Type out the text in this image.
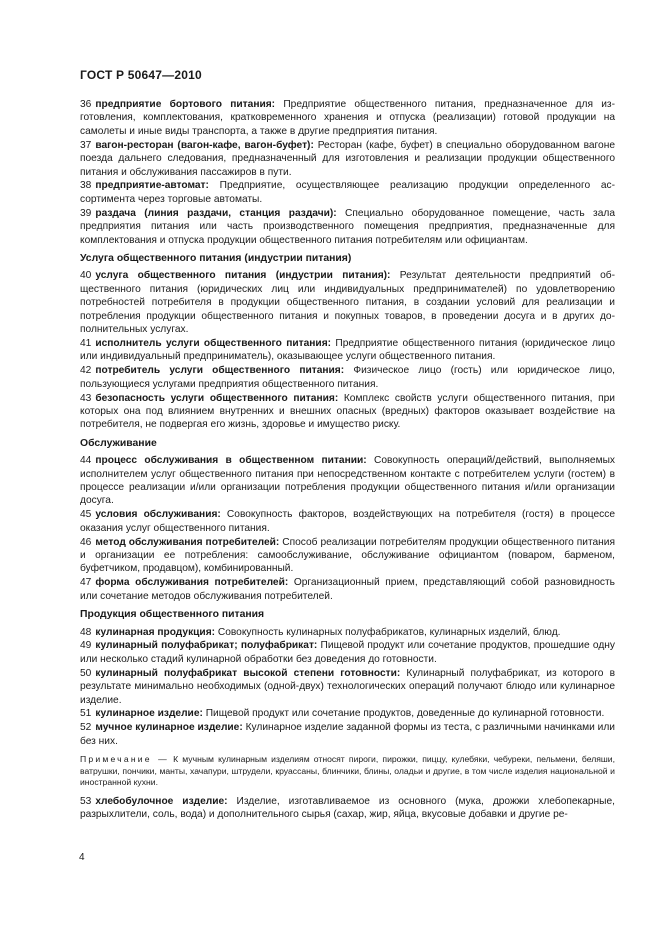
ГОСТ Р 50647—2010
36 предприятие бортового питания: Предприятие общественного питания, предназначенное для изготовления, комплектования, кратковременного хранения и отпуска (реализации) готовой продукции на самолеты и иные виды транспорта, а также в другие предприятия питания.
37 вагон-ресторан (вагон-кафе, вагон-буфет): Ресторан (кафе, буфет) в специально оборудованном вагоне поезда дальнего следования, предназначенный для изготовления и реализации продукции общественного питания и обслуживания пассажиров в пути.
38 предприятие-автомат: Предприятие, осуществляющее реализацию продукции определенного ассортимента через торговые автоматы.
39 раздача (линия раздачи, станция раздачи): Специально оборудованное помещение, часть зала предприятия питания или часть производственного помещения предприятия, предназначенные для комплектования и отпуска продукции общественного питания потребителям или официантам.
Услуга общественного питания (индустрии питания)
40 услуга общественного питания (индустрии питания): Результат деятельности предприятий общественного питания (юридических лиц или индивидуальных предпринимателей) по удовлетворению потребностей потребителя в продукции общественного питания, в создании условий для реализации и потребления продукции общественного питания и покупных товаров, в проведении досуга и в других дополнительных услугах.
41 исполнитель услуги общественного питания: Предприятие общественного питания (юридическое лицо или индивидуальный предприниматель), оказывающее услуги общественного питания.
42 потребитель услуги общественного питания: Физическое лицо (гость) или юридическое лицо, пользующиеся услугами предприятия общественного питания.
43 безопасность услуги общественного питания: Комплекс свойств услуги общественного питания, при которых она под влиянием внутренних и внешних опасных (вредных) факторов оказывает воздействие на потребителя, не подвергая его жизнь, здоровье и имущество риску.
Обслуживание
44 процесс обслуживания в общественном питании: Совокупность операций/действий, выполняемых исполнителем услуг общественного питания при непосредственном контакте с потребителем услуги (гостем) в процессе реализации и/или организации потребления продукции общественного питания и/или организации досуга.
45 условия обслуживания: Совокупность факторов, воздействующих на потребителя (гостя) в процессе оказания услуг общественного питания.
46 метод обслуживания потребителей: Способ реализации потребителям продукции общественного питания и организации ее потребления: самообслуживание, обслуживание официантом (поваром, барменом, буфетчиком, продавцом), комбинированный.
47 форма обслуживания потребителей: Организационный прием, представляющий собой разновидность или сочетание методов обслуживания потребителей.
Продукция общественного питания
48 кулинарная продукция: Совокупность кулинарных полуфабрикатов, кулинарных изделий, блюд.
49 кулинарный полуфабрикат; полуфабрикат: Пищевой продукт или сочетание продуктов, прошедшие одну или несколько стадий кулинарной обработки без доведения до готовности.
50 кулинарный полуфабрикат высокой степени готовности: Кулинарный полуфабрикат, из которого в результате минимально необходимых (одной-двух) технологических операций получают блюдо или кулинарное изделие.
51 кулинарное изделие: Пищевой продукт или сочетание продуктов, доведенные до кулинарной готовности.
52 мучное кулинарное изделие: Кулинарное изделие заданной формы из теста, с различными начинками или без них.
Примечание — К мучным кулинарным изделиям относят пироги, пирожки, пиццу, кулебяки, чебуреки, пельмени, беляши, ватрушки, пончики, манты, хачапури, штрудели, круассаны, блинчики, блины, оладьи и другие, в том числе изделия национальной и иностранной кухни.
53 хлебобулочное изделие: Изделие, изготавливаемое из основного (мука, дрожжи хлебопекарные, разрыхлители, соль, вода) и дополнительного сырья (сахар, жир, яйца, вкусовые добавки и другие ре-
4
